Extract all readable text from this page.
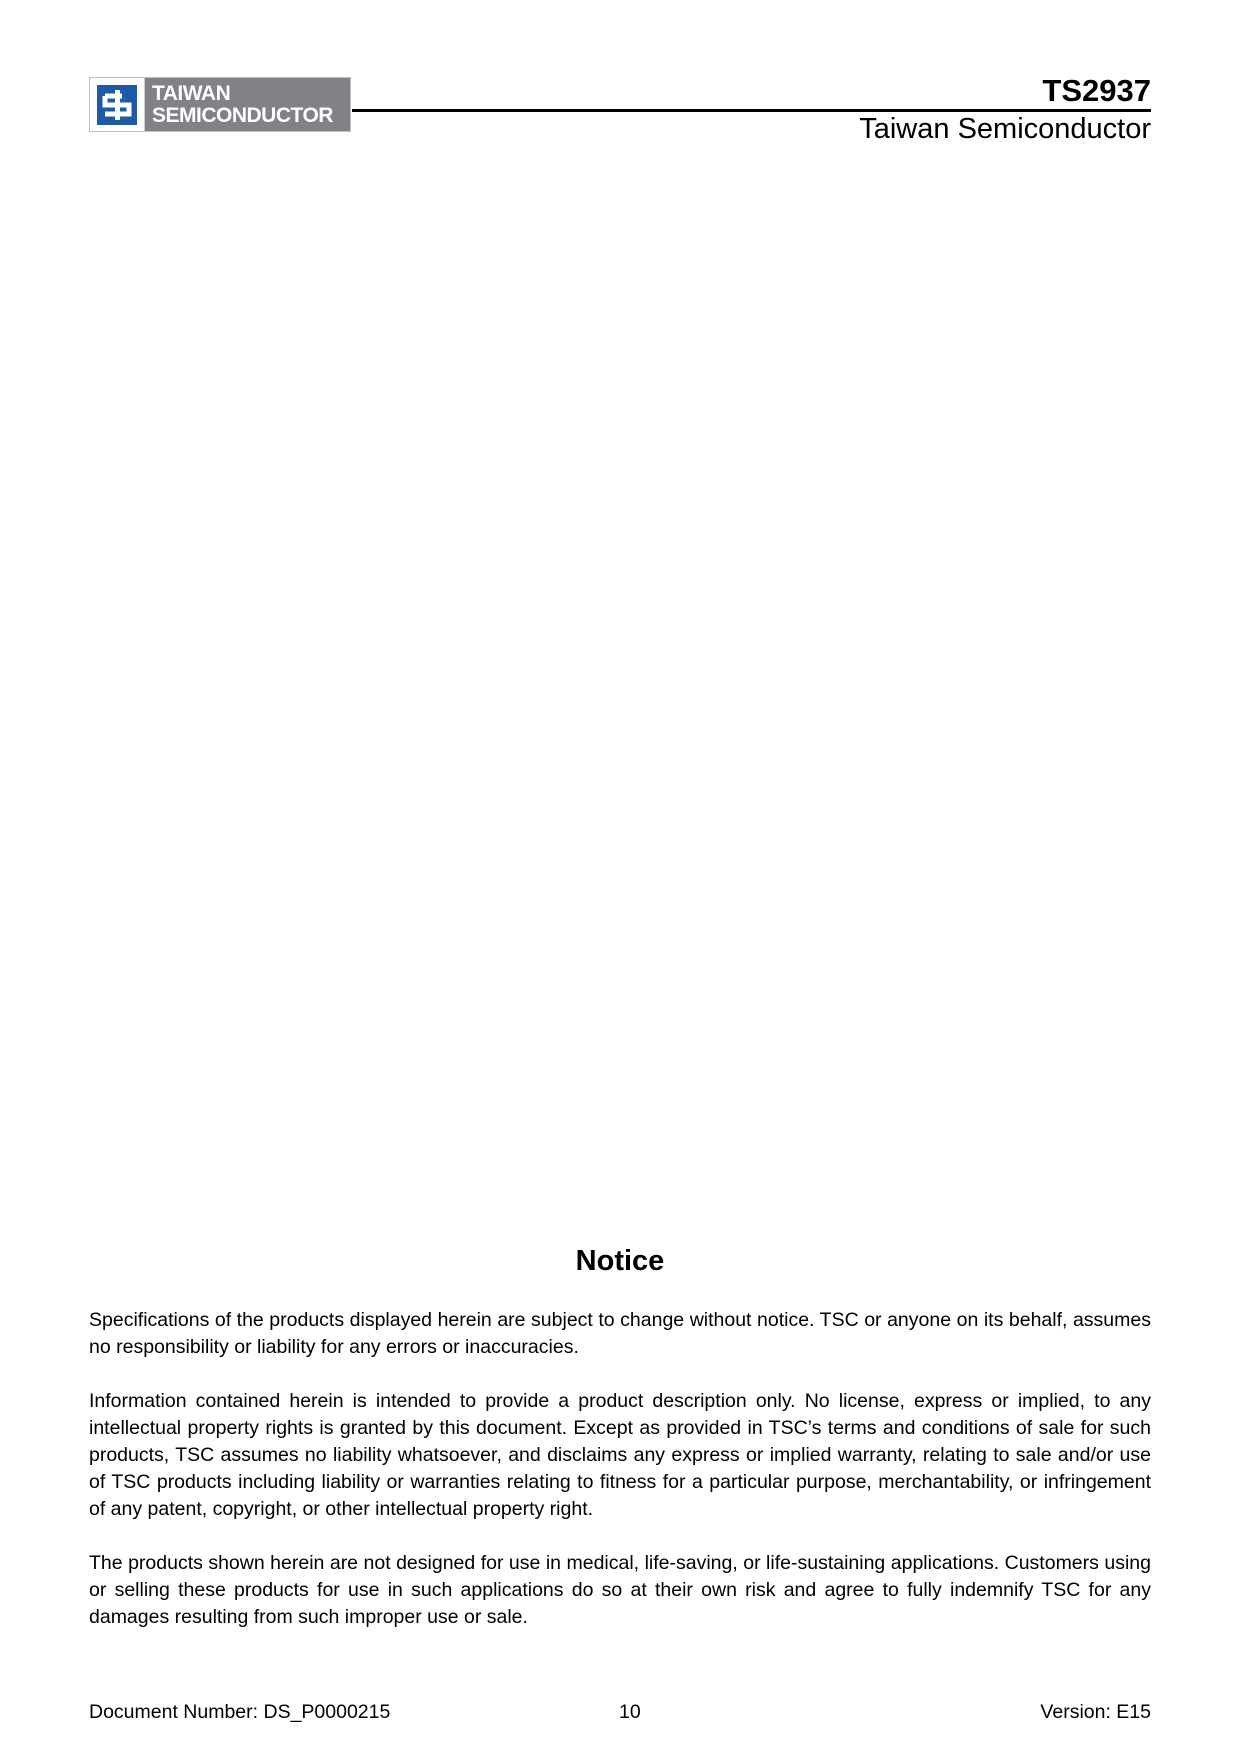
TAIWAN
SEMICONDUCTOR
TS2937
Taiwan Semiconductor
Notice

Specifications of the products displayed herein are subject to change without notice. TSC or anyone on its behalf, assumes no responsibility or liability for any errors or inaccuracies.

Information contained herein is intended to provide a product description only. No license, express or implied, to any intellectual property rights is granted by this document. Except as provided in TSC’s terms and conditions of sale for such products, TSC assumes no liability whatsoever, and disclaims any express or implied warranty, relating to sale and/or use of TSC products including liability or warranties relating to fitness for a particular purpose, merchantability, or infringement of any patent, copyright, or other intellectual property right.

The products shown herein are not designed for use in medical, life-saving, or life-sustaining applications. Customers using or selling these products for use in such applications do so at their own risk and agree to fully indemnify TSC for any damages resulting from such improper use or sale.

Document Number: DS_P0000215	10	Version: E15
